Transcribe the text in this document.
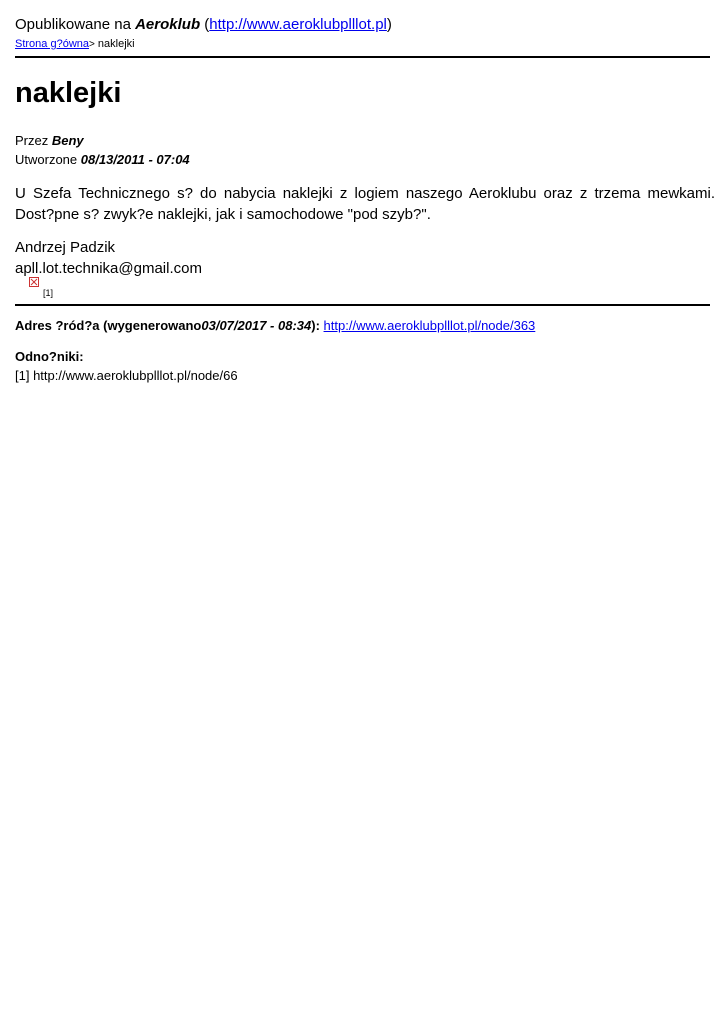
Opublikowane na Aeroklub (http://www.aeroklubplllot.pl)
Strona g?ówna> naklejki
naklejki
Przez Beny
Utworzone 08/13/2011 - 07:04

U Szefa Technicznego s? do nabycia naklejki z logiem naszego Aeroklubu oraz z trzema mewkami. Dost?pne s? zwyk?e naklejki, jak i samochodowe "pod szyb?".

Andrzej Padzik
apll.lot.technika@gmail.com
[1]
Adres ?ród?a (wygenerowano03/07/2017 - 08:34): http://www.aeroklubplllot.pl/node/363
Odno?niki:
[1] http://www.aeroklubplllot.pl/node/66
